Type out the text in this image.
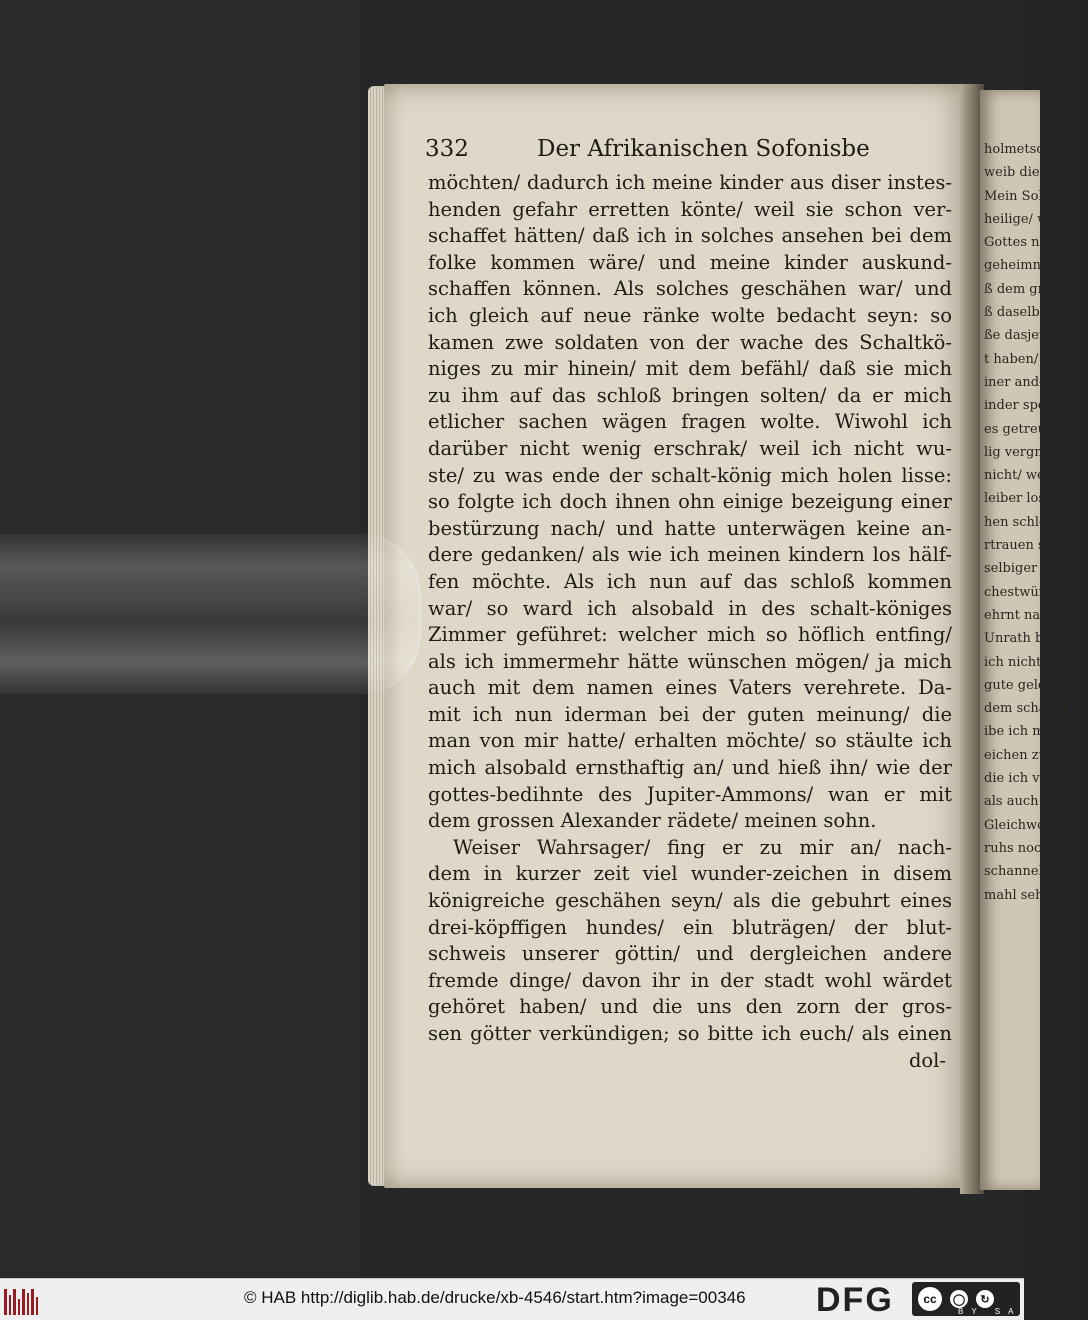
holmetscher ist
weib die ursach
Mein Soh
heilige/ w
Gottes noch
geheimnü
ß dem gros
ß daselbsten
ße dasjenige
t haben/ er
iner andern
inder speisch
es getreue ber
lig vergnüg
nicht/ weil ich
leiber los zu
hen schlosse
rtrauen solte/
selbiger mitzu
chestwürdi
ehrnt nahm
Unrath bear
ich nicht ein
gute gelegen
dem schalt-k
ibe ich mich
eichen zu fü
die ich vern
als auch dem
Gleichwohl
ruhs noch sc
schannelhal
mahl sehr g
332	Der Afrikanischen Sofonisbe
möchten/ dadurch ich meine kinder aus diser instes-
henden gefahr erretten könte/ weil sie schon ver-
schaffet hätten/ daß ich in solches ansehen bei dem
folke kommen wäre/ und meine kinder auskund-
schaffen können. Als solches geschähen war/ und
ich gleich auf neue ränke wolte bedacht seyn: so
kamen zwe soldaten von der wache des Schaltkö-
niges zu mir hinein/ mit dem befähl/ daß sie mich
zu ihm auf das schloß bringen solten/ da er mich
etlicher sachen wägen fragen wolte. Wiwohl ich
darüber nicht wenig erschrak/ weil ich nicht wu-
ste/ zu was ende der schalt-könig mich holen lisse:
so folgte ich doch ihnen ohn einige bezeigung einer
bestürzung nach/ und hatte unterwägen keine an-
dere gedanken/ als wie ich meinen kindern los hälf-
fen möchte. Als ich nun auf das schloß kommen
war/ so ward ich alsobald in des schalt-königes
Zimmer geführet: welcher mich so höflich entfing/
als ich immermehr hätte wünschen mögen/ ja mich
auch mit dem namen eines Vaters verehrete. Da-
mit ich nun iderman bei der guten meinung/ die
man von mir hatte/ erhalten möchte/ so stäulte ich
mich alsobald ernsthaftig an/ und hieß ihn/ wie der
gottes-bedihnte des Jupiter-Ammons/ wan er mit
dem grossen Alexander rädete/ meinen sohn.
Weiser Wahrsager/ fing er zu mir an/ nach-
dem in kurzer zeit viel wunder-zeichen in disem
königreiche geschähen seyn/ als die gebuhrt eines
drei-köpffigen hundes/ ein bluträgen/ der blut-
schweis unserer göttin/ und dergleichen andere
fremde dinge/ davon ihr in der stadt wohl wärdet
gehöret haben/ und die uns den zorn der gros-
sen götter verkündigen; so bitte ich euch/ als einen
dol-
© HAB http://diglib.hab.de/drucke/xb-4546/start.htm?image=00346 DFG	cc	◯	↻
BY SA
